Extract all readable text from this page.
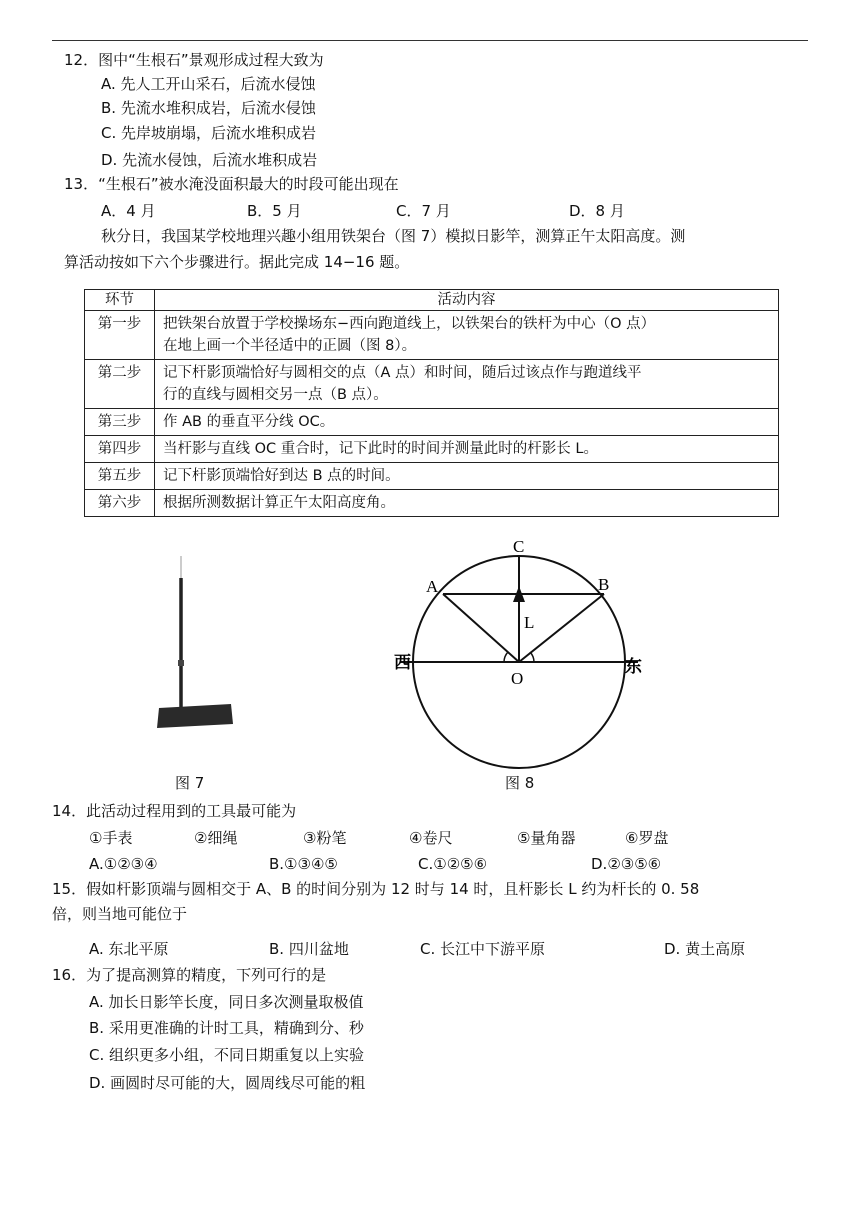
12．图中“生根石”景观形成过程大致为
A. 先人工开山采石，后流水侵蚀
B. 先流水堆积成岩，后流水侵蚀
C. 先岸坡崩塌，后流水堆积成岩
D. 先流水侵蚀，后流水堆积成岩
13．“生根石”被水淹没面积最大的时段可能出现在
A．4 月	B．5 月	C．7 月	D．8 月
秋分日，我国某学校地理兴趣小组用铁架台（图 7）模拟日影竿，测算正午太阳高度。测
算活动按如下六个步骤进行。据此完成 14−16 题。
环节	活动内容
第一步	把铁架台放置于学校操场东−西向跑道线上，以铁架台的铁杆为中心（O 点）
在地上画一个半径适中的正圆（图 8）。

第二步	记下杆影顶端恰好与圆相交的点（A 点）和时间，随后过该点作与跑道线平
行的直线与圆相交另一点（B 点）。

第三步	作 AB 的垂直平分线 OC。

第四步	当杆影与直线 OC 重合时，记下此时的时间并测量此时的杆影长 L。

第五步	记下杆影顶端恰好到达 B 点的时间。

第六步	根据所测数据计算正午太阳高度角。
图 7
C
A	B
L
西	东
O
图 8
14．此活动过程用到的工具最可能为
①手表	②细绳	③粉笔	④卷尺	⑤量角器	⑥罗盘
A.①②③④	B.①③④⑤	C.①②⑤⑥	D.②③⑤⑥
15．假如杆影顶端与圆相交于 A、B 的时间分别为 12 时与 14 时，且杆影长 L 约为杆长的 0. 58
倍，则当地可能位于
A. 东北平原	B. 四川盆地	C. 长江中下游平原	D. 黄土高原
16．为了提高测算的精度，下列可行的是
A. 加长日影竿长度，同日多次测量取极值
B. 采用更准确的计时工具，精确到分、秒
C. 组织更多小组，不同日期重复以上实验
D. 画圆时尽可能的大，圆周线尽可能的粗
